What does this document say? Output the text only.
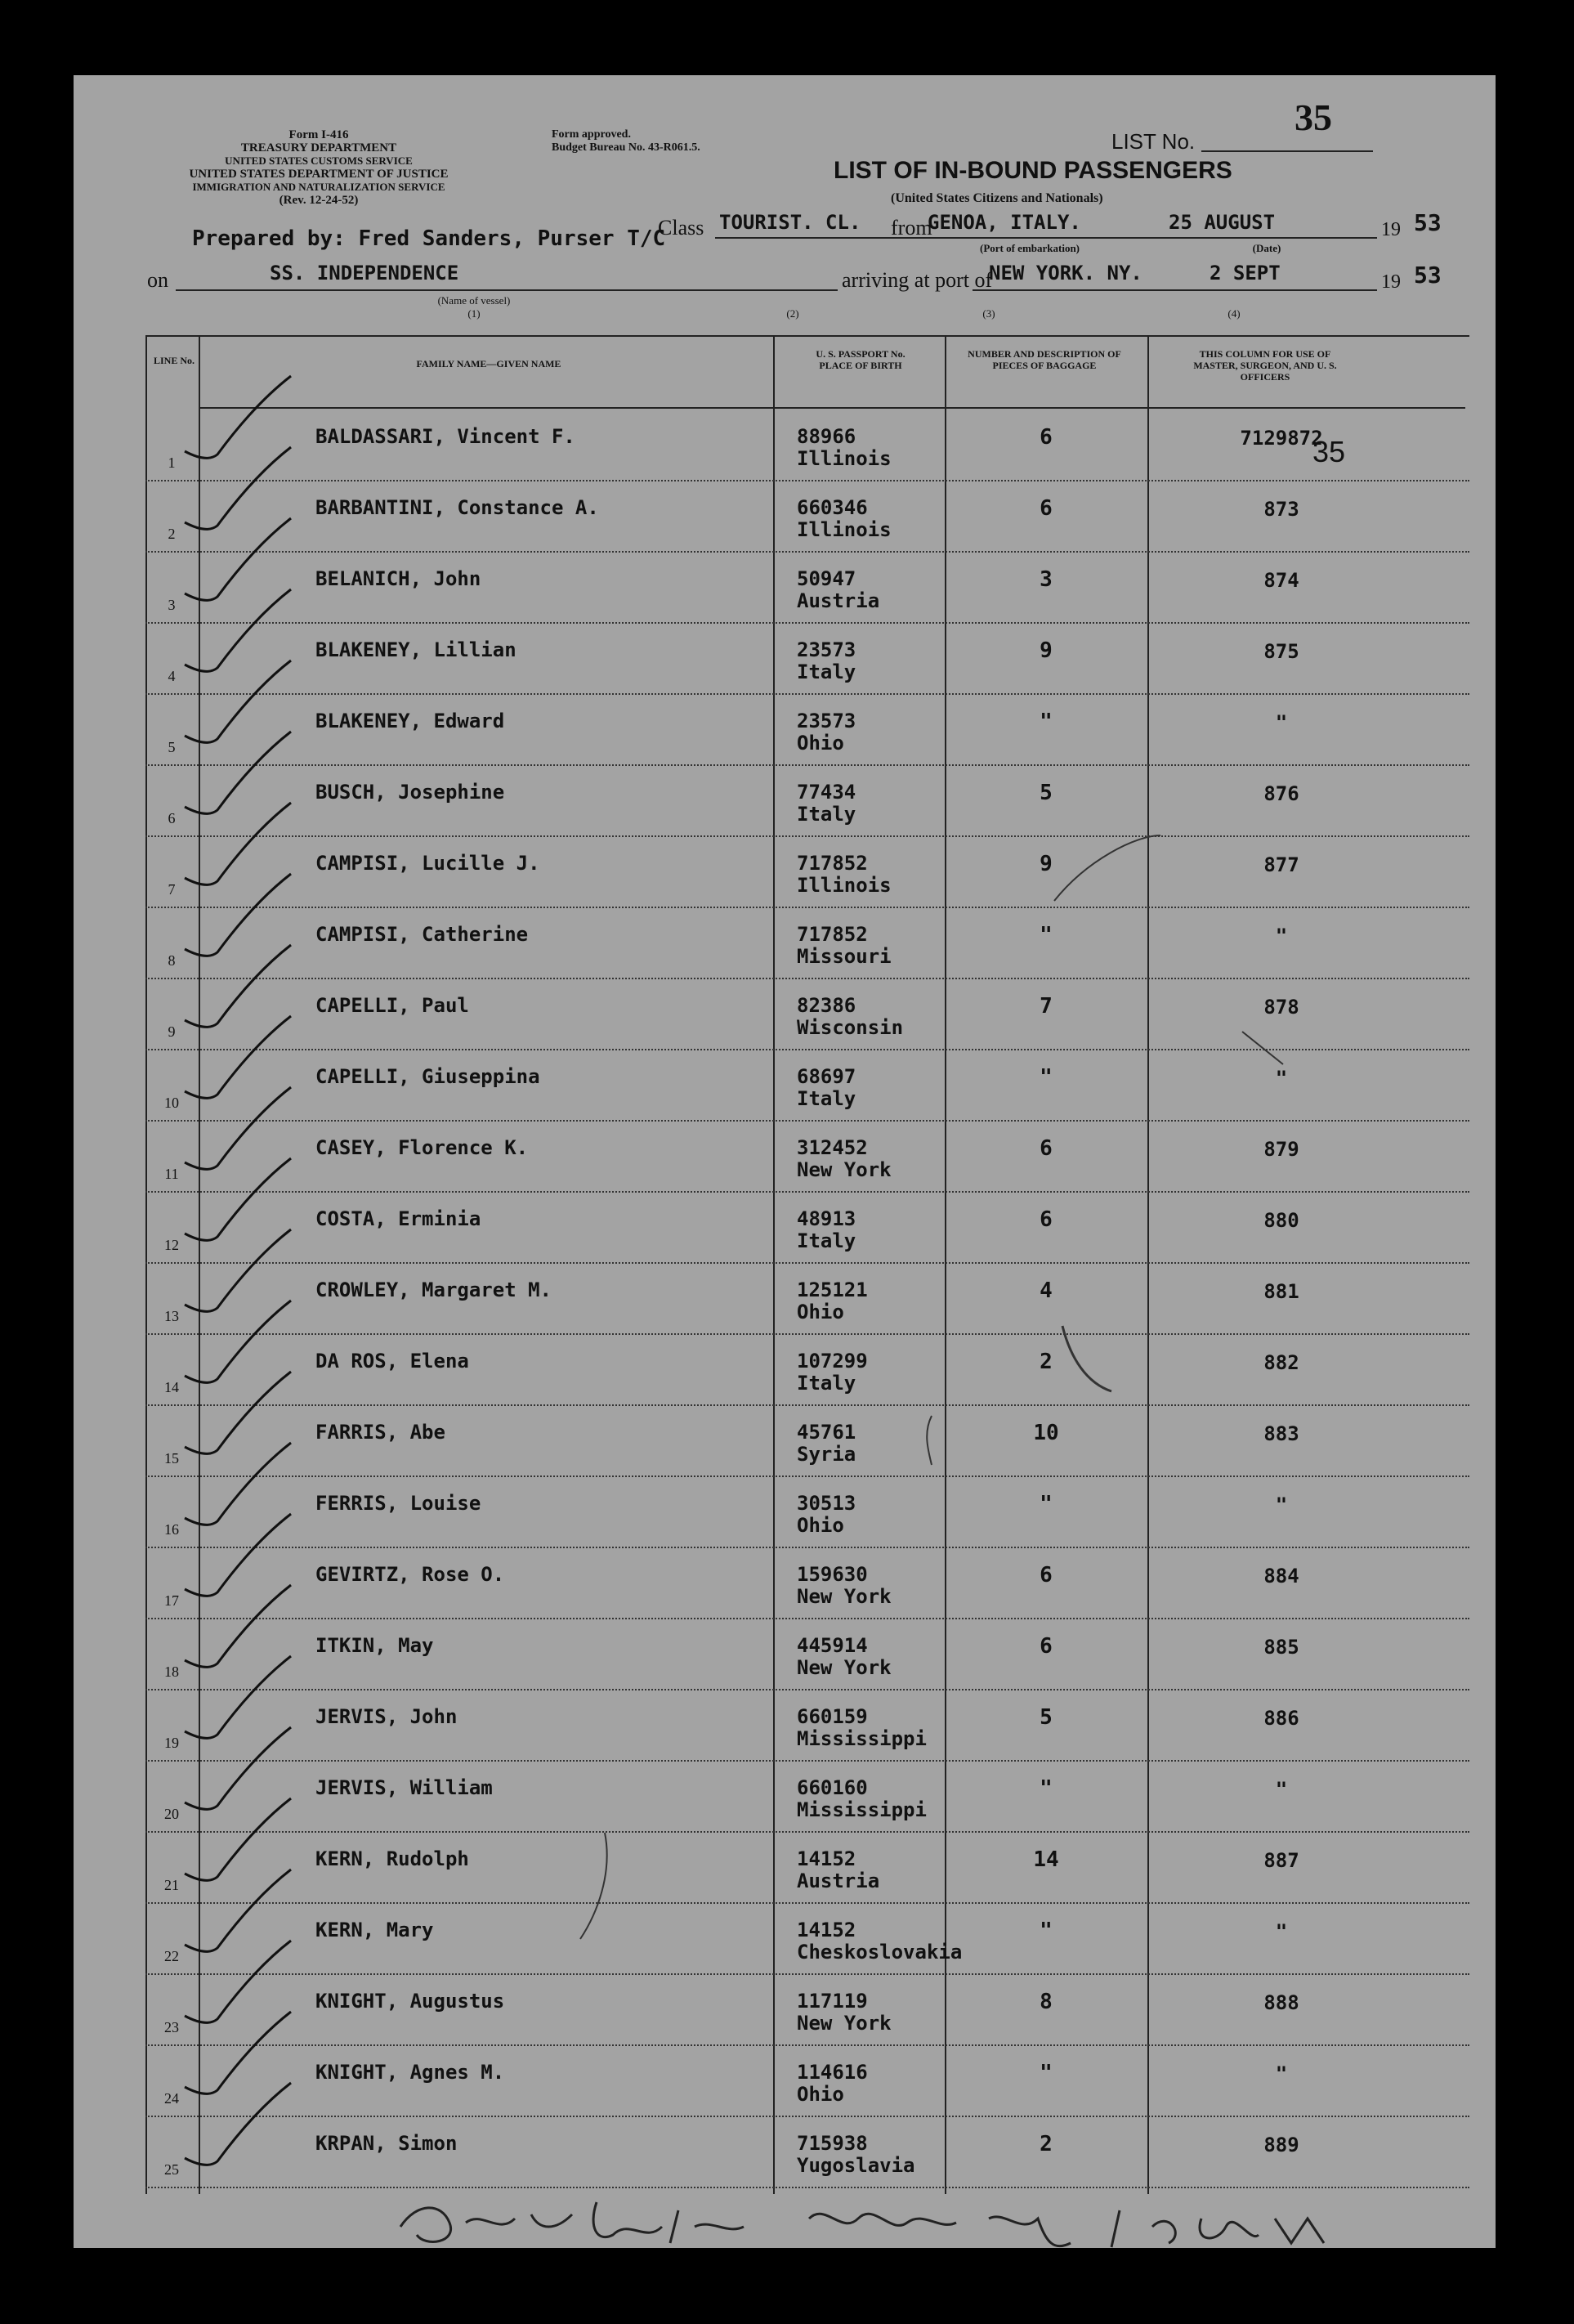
Form I-416
TREASURY DEPARTMENT
UNITED STATES CUSTOMS SERVICE
UNITED STATES DEPARTMENT OF JUSTICE
IMMIGRATION AND NATURALIZATION SERVICE
(Rev. 12-24-52)
Form approved.
Budget Bureau No. 43-R061.5.	LIST No.
35
LIST OF IN-BOUND PASSENGERS
(United States Citizens and Nationals)
Prepared by: Fred Sanders, Purser T/C
Class TOURIST. CL. from
GENOA, ITALY.	25 AUGUST	19 53
(Port of embarkation)	(Date)
on	SS. INDEPENDENCE	arriving at port of
NEW YORK. NY.	2 SEPT	19 53
(Name of vessel)
(1)	(2)	(3)	(4)
LINE No.	FAMILY NAME—GIVEN NAME
U. S. PASSPORT No. PLACE OF BIRTH
NUMBER AND DESCRIPTION OF PIECES OF BAGGAGE
THIS COLUMN FOR USE OF MASTER, SURGEON, AND U. S. OFFICERS
1
BALDASSARI, Vincent F.	88966
Illinois
6	7129872
2
BARBANTINI, Constance A.	660346
Illinois
6	873
3
BELANICH, John	50947
Austria
3	874
4
BLAKENEY, Lillian	23573
Italy
9	875
5
BLAKENEY, Edward	23573
Ohio
"	"
6
BUSCH, Josephine	77434
Italy
5	876
7
CAMPISI, Lucille J.	717852
Illinois
9	877
8
CAMPISI, Catherine	717852
Missouri
"	"
9
CAPELLI, Paul	82386
Wisconsin
7	878
10
CAPELLI, Giuseppina	68697
Italy
"	"
11
CASEY, Florence K.	312452
New York
6	879
12
COSTA, Erminia	48913
Italy
6	880
13
CROWLEY, Margaret M.	125121
Ohio
4	881
14
DA ROS, Elena	107299
Italy
2	882
15
FARRIS, Abe	45761
Syria
10	883
16
FERRIS, Louise	30513
Ohio
"	"
17
GEVIRTZ, Rose O.	159630
New York
6	884
18
ITKIN, May	445914
New York
6	885
19
JERVIS, John	660159
Mississippi
5	886
20
JERVIS, William	660160
Mississippi
"	"
21
KERN, Rudolph	14152
Austria
14	887
22
KERN, Mary	14152
Cheskoslovakia
"	"
23
KNIGHT, Augustus	117119
New York
8	888
24
KNIGHT, Agnes M.	114616
Ohio
"	"
25
KRPAN, Simon	715938
Yugoslavia
2	889
35
